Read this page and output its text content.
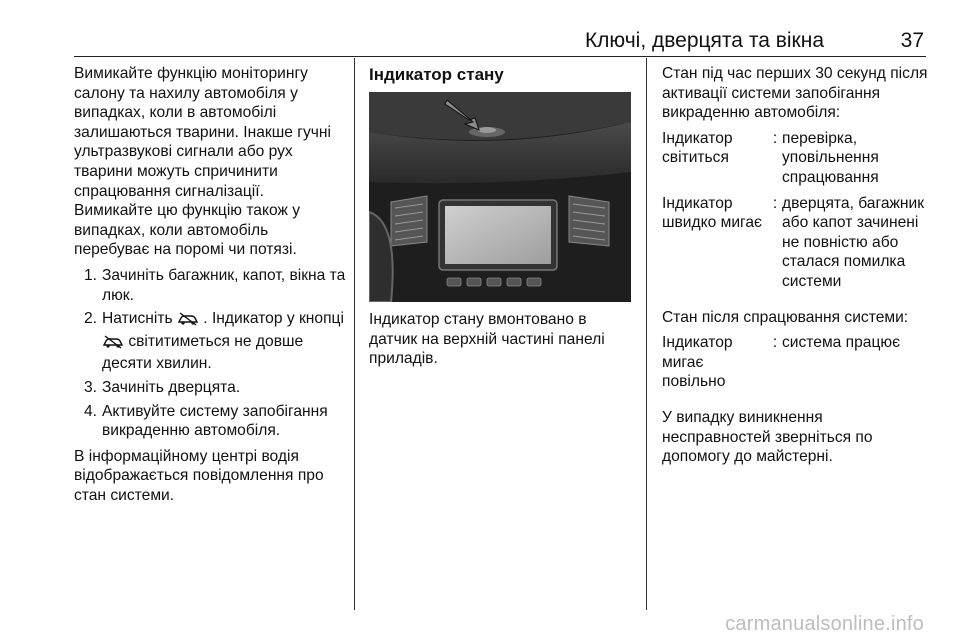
Ключі, дверцята та вікна	37

Вимикайте функцію моніторингу салону та нахилу автомобіля у випадках, коли в автомобілі залишаються тварини. Інакше гучні ультразвукові сигнали або рух тварини можуть спричинити спрацювання сигналізації. Вимикайте цю функцію також у випадках, коли автомобіль перебуває на поромі чи потязі.

1. Зачиніть багажник, капот, вікна та люк.
2. Натисніть . Індикатор у кнопці  світитиметься не довше десяти хвилин.
3. Зачиніть дверцята.
4. Активуйте систему запобігання викраденню автомобіля.

В інформаційному центрі водія відображається повідомлення про стан системи.

Індикатор стану

Індикатор стану вмонтовано в датчик на верхній частині панелі приладів.

Стан під час перших 30 секунд після активації системи запобігання викраденню автомобіля:

Індикатор світиться	:	перевірка, уповільнення спрацювання
Індикатор швидко мигає	:	дверцята, багажник або капот зачинені не повністю або сталася помилка системи

Стан після спрацювання системи:

Індикатор мигає повільно	:	система працює

У випадку виникнення несправностей зверніться по допомогу до майстерні.

carmanualsonline.info
